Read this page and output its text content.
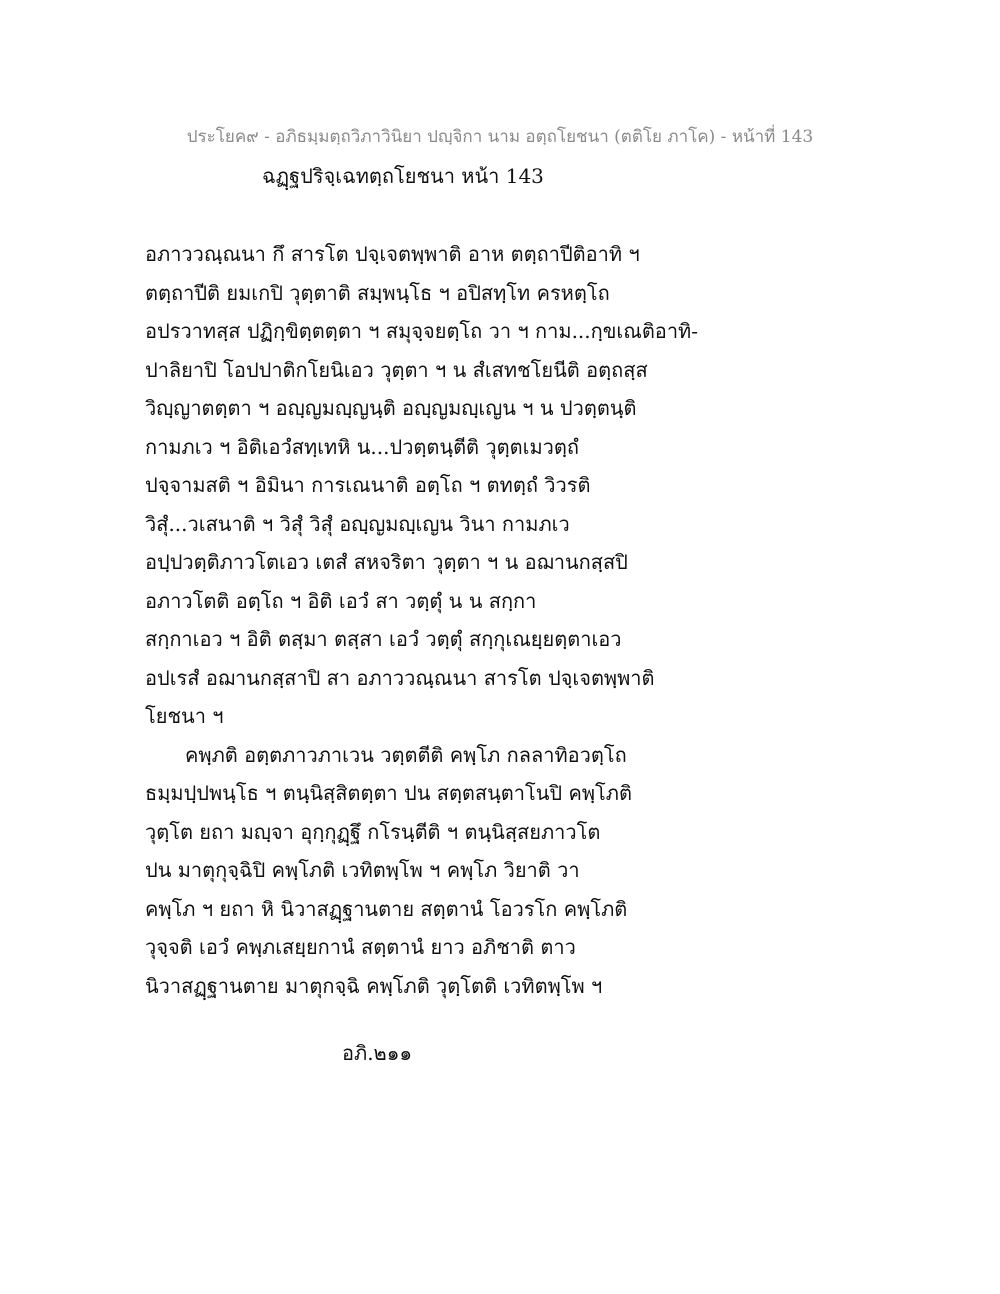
ประโยค๙ - อภิธมฺมตฺถวิภาวินิยา ปญฺจิกา นาม อตฺถโยชนา (ตติโย ภาโค) - หน้าที่ 143
ฉฏฺฐปริจฺเฉทตฺถโยชนา หน้า 143
อภาววณฺณนา กึ สารโต ปจฺเจตพฺพาติ อาห ตตฺถาปีติอาทิ ฯ
ตตฺถาปีติ ยมเกปิ วุตฺตาติ สมฺพนฺโธ ฯ อปิสทฺโท ครหตฺโถ
อปรวาทสฺส ปฏิกฺขิตฺตตฺตา ฯ สมุจฺจยตฺโถ วา ฯ กาม...กฺขเณติอาทิ-
ปาลิยาปิ โอปปาติกโยนิเอว วุตฺตา ฯ น สํเสทชโยนีติ อตฺถสฺส
วิญฺญาตตฺตา ฯ อญฺญมญฺญนฺติ อญฺญมญฺเญน ฯ น ปวตฺตนฺติ
กามภเว ฯ อิติเอวํสทฺเทหิ น...ปวตฺตนฺตีติ วุตฺตเมวตฺถํ
ปจฺจามสติ ฯ อิมินา การเณนาติ อตฺโถ ฯ ตทตฺถํ วิวรติ
วิสุํ...วเสนาติ ฯ วิสุํ วิสุํ อญฺญมญฺเญน วินา กามภเว
อปฺปวตฺติภาวโตเอว เตสํ สหจริตา วุตฺตา ฯ น อฌานกสฺสปิ
อภาวโตติ อตฺโถ ฯ อิติ เอวํ สา วตฺตุํ น น สกฺกา
สกฺกาเอว ฯ อิติ ตสฺมา ตสฺสา เอวํ วตฺตุํ สกฺกุเณยฺยตฺตาเอว
อปเรสํ อฌานกสฺสาปิ สา อภาววณฺณนา สารโต ปจฺเจตพฺพาติ
โยชนา ฯ
คพฺภติ อตฺตภาวภาเวน วตฺตตีติ คพฺโภ กลลาทิอวตฺโถ
ธมฺมปฺปพนฺโธ ฯ ตนฺนิสฺสิตตฺตา ปน สตฺตสนฺตาโนปิ คพฺโภติ
วุตฺโต ยถา มญฺจา อุกฺกุฏฺฐึ กโรนฺตีติ ฯ ตนฺนิสฺสยภาวโต
ปน มาตุกุจฺฉิปิ คพฺโภติ เวทิตพฺโพ ฯ คพฺโภ วิยาติ วา
คพฺโภ ฯ ยถา หิ นิวาสฏฺฐานตาย สตฺตานํ โอวรโก คพฺโภติ
วุจฺจติ เอวํ คพฺภเสยฺยกานํ สตฺตานํ ยาว อภิชาติ ตาว
นิวาสฏฺฐานตาย มาตุกจฺฉิ คพฺโภติ วุตฺโตติ เวทิตพฺโพ ฯ
อภิ.๒๑๑
